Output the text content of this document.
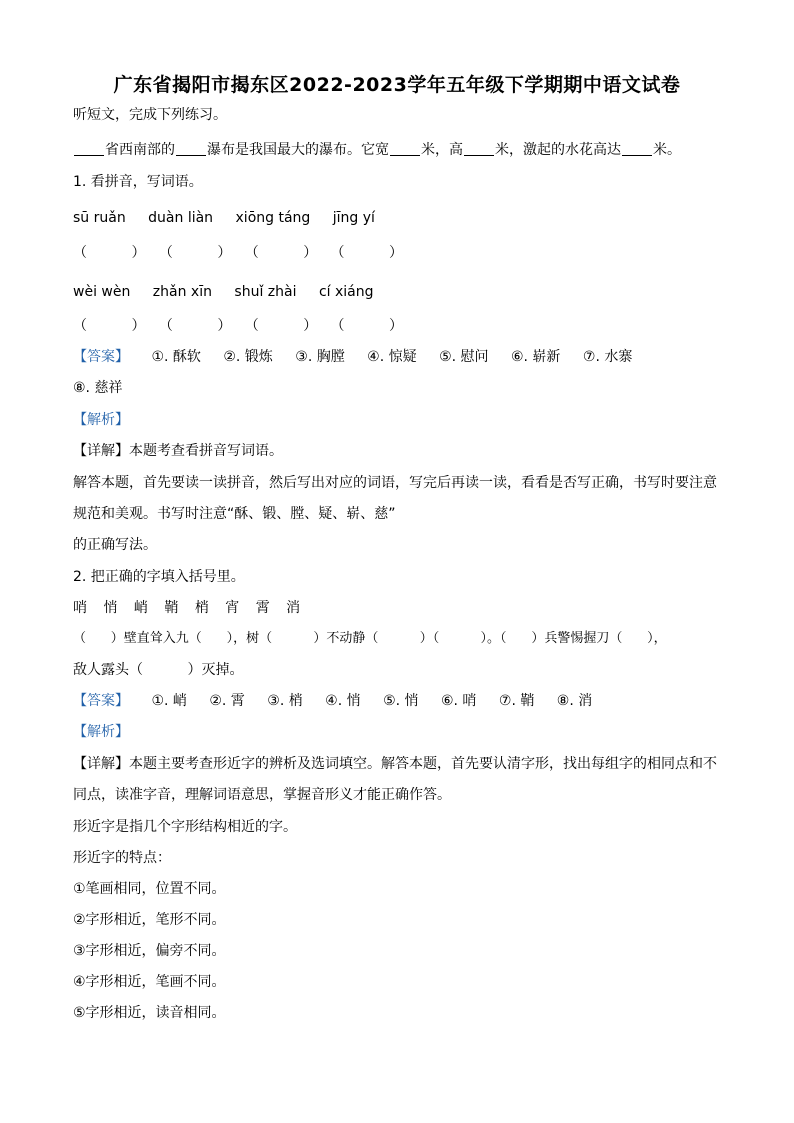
广东省揭阳市揭东区2022-2023学年五年级下学期期中语文试卷
听短文，完成下列练习。
省西南部的 瀑布是我国最大的瀑布。它宽 米，高 米，激起的水花高达 米。
1. 看拼音，写词语。
sū ruǎn duàn liàn xiōng táng jīng yí
（          ）   （          ）   （          ）   （          ）
wèi wèn zhǎn xīn shuǐ zhài cí xiáng
（          ）   （          ）   （          ）   （          ）
【答案】 ①. 酥软 ②. 锻炼 ③. 胸膛 ④. 惊疑 ⑤. 慰问 ⑥. 崭新 ⑦. 水寨
⑧. 慈祥
【解析】
【详解】本题考查看拼音写词语。
解答本题，首先要读一读拼音，然后写出对应的词语，写完后再读一读，看看是否写正确，书写时要注意
规范和美观。书写时注意“酥、锻、膛、疑、崭、慈”
的正确写法。
2. 把正确的字填入括号里。
哨 悄 峭 鞘 梢 宵 霄 消
（      ）壁直耸入九（      ），树（          ）不动静（          ）（          ）。（      ）兵警惕握刀（      ），
敌人露头（          ）灭掉。
【答案】 ①. 峭 ②. 霄 ③. 梢 ④. 悄 ⑤. 悄 ⑥. 哨 ⑦. 鞘 ⑧. 消
【解析】
【详解】本题主要考查形近字的辨析及选词填空。解答本题，首先要认清字形，找出每组字的相同点和不
同点，读准字音，理解词语意思，掌握音形义才能正确作答。
形近字是指几个字形结构相近的字。
形近字的特点：
①笔画相同，位置不同。
②字形相近，笔形不同。
③字形相近，偏旁不同。
④字形相近，笔画不同。
⑤字形相近，读音相同。
